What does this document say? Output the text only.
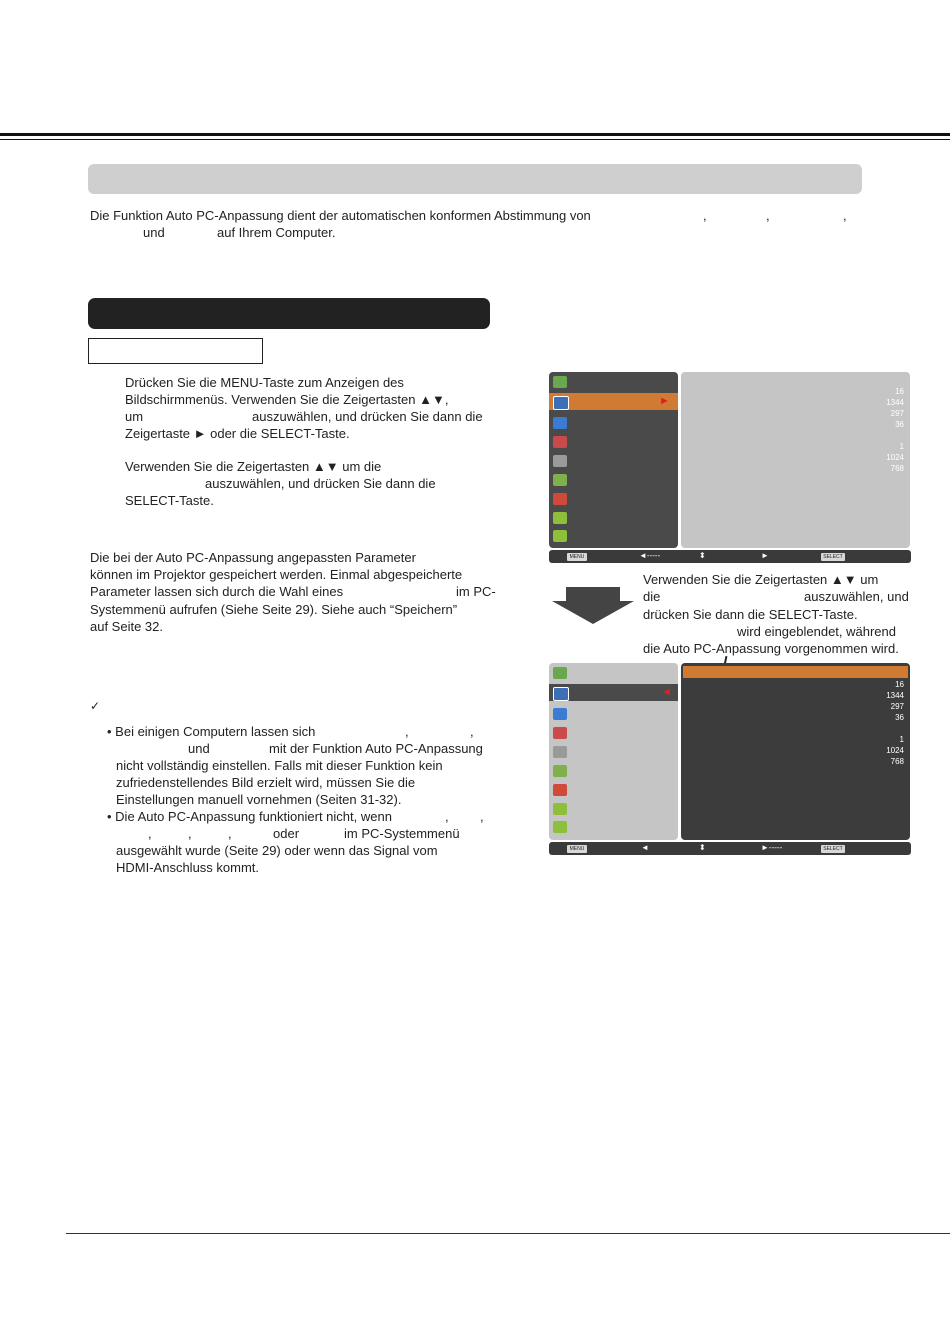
Die Funktion Auto PC-Anpassung dient der automatischen konformen Abstimmung von	,	,	,
und	auf Ihrem Computer.
Drücken Sie die MENU-Taste zum Anzeigen des
Bildschirmmenüs. Verwenden Sie die Zeigertasten ▲▼,
um	auszuwählen, und drücken Sie dann die
Zeigertaste ► oder die SELECT-Taste.
Verwenden Sie die Zeigertasten ▲▼ um die
auszuwählen, und drücken Sie dann die
SELECT-Taste.
Die bei der Auto PC-Anpassung angepassten Parameter
können im Projektor gespeichert werden. Einmal abgespeicherte
Parameter lassen sich durch die Wahl eines	im PC-
Systemmenü aufrufen (Siehe Seite 29). Siehe auch “Speichern”
auf Seite 32.
✓
• Bei einigen Computern lassen sich	,	,
und	mit der Funktion Auto PC-Anpassung
nicht vollständig einstellen. Falls mit dieser Funktion kein
zufriedenstellendes Bild erzielt wird, müssen Sie die
Einstellungen manuell vornehmen (Seiten 31-32).
• Die Auto PC-Anpassung funktioniert nicht, wenn	, ,
,	,	,	oder	im PC-Systemmenü
ausgewählt wurde (Seite 29) oder wenn das Signal vom
HDMI-Anschluss kommt.
►
16
1344
297
36
1
1024
768
MENU	◄-----	⬍	►	SELECT
Verwenden Sie die Zeigertasten ▲▼ um
die	auszuwählen, und
drücken Sie dann die SELECT-Taste.
wird eingeblendet, während
die Auto PC-Anpassung vorgenommen wird.
◄
16
1344
297
36
1
1024
768
MENU	◄	⬍	►-----	SELECT
